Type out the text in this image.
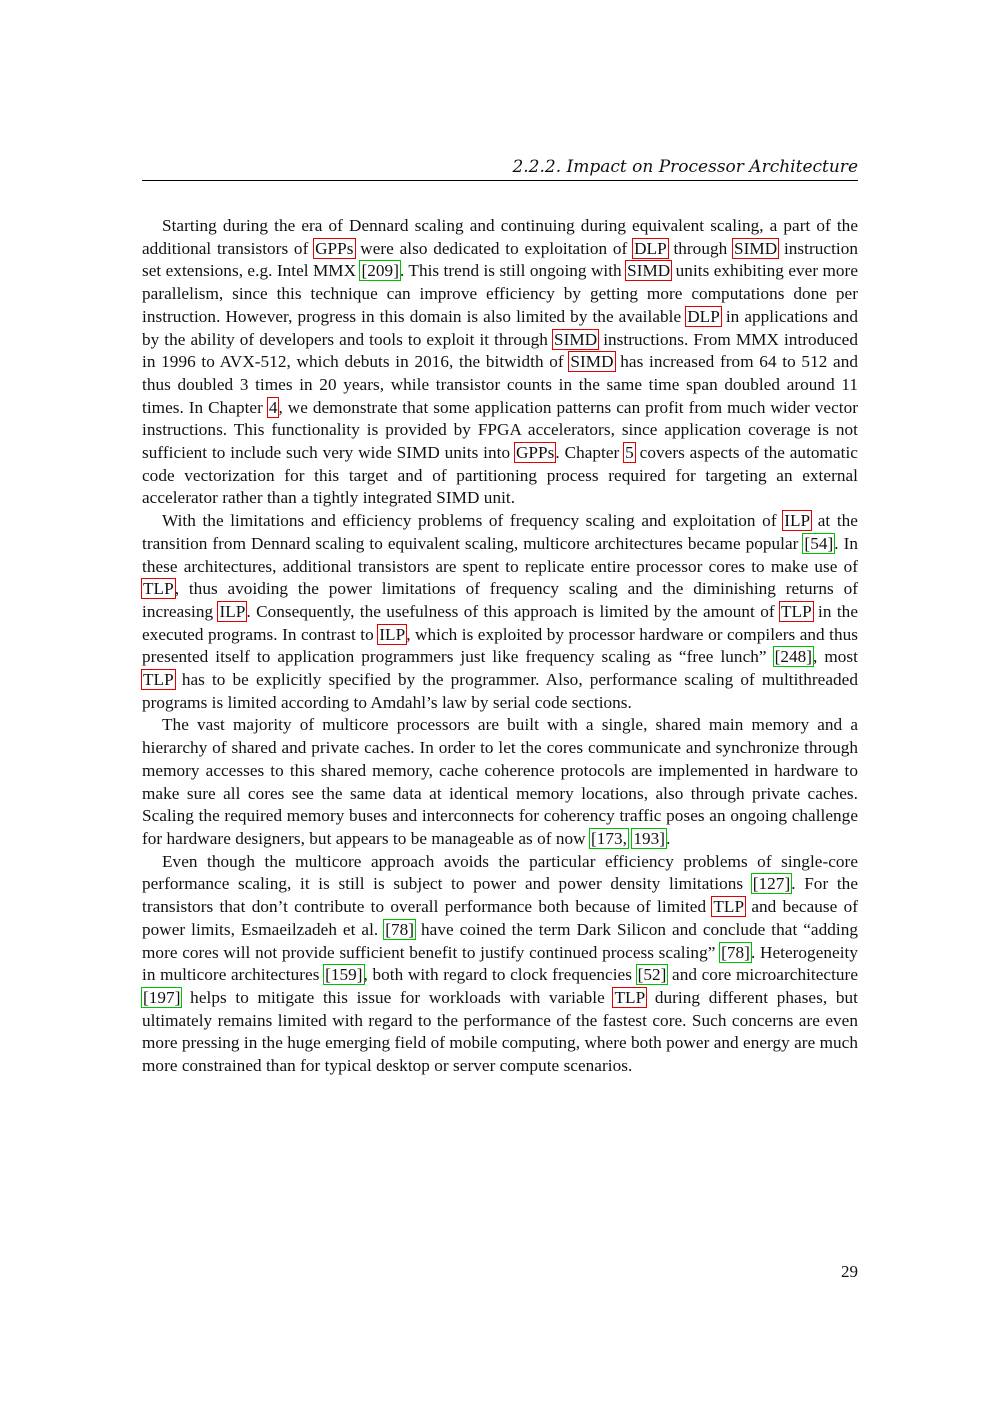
2.2.2. Impact on Processor Architecture

Starting during the era of Dennard scaling and continuing during equivalent scaling, a part of the additional transistors of GPPs were also dedicated to exploitation of DLP through SIMD instruction set extensions, e.g. Intel MMX [209]. This trend is still ongoing with SIMD units exhibiting ever more parallelism, since this technique can improve efficiency by getting more computations done per instruction. However, progress in this domain is also limited by the available DLP in applications and by the ability of developers and tools to exploit it through SIMD instructions. From MMX introduced in 1996 to AVX-512, which debuts in 2016, the bitwidth of SIMD has increased from 64 to 512 and thus doubled 3 times in 20 years, while transistor counts in the same time span doubled around 11 times. In Chapter 4, we demonstrate that some application patterns can profit from much wider vector instructions. This functionality is provided by FPGA accelerators, since application coverage is not sufficient to include such very wide SIMD units into GPPs. Chapter 5 covers aspects of the automatic code vectorization for this target and of partitioning process required for targeting an external accelerator rather than a tightly integrated SIMD unit.

With the limitations and efficiency problems of frequency scaling and exploitation of ILP at the transition from Dennard scaling to equivalent scaling, multicore architectures became popular [54]. In these architectures, additional transistors are spent to replicate entire processor cores to make use of TLP, thus avoiding the power limitations of frequency scaling and the diminishing returns of increasing ILP. Consequently, the usefulness of this approach is limited by the amount of TLP in the executed programs. In contrast to ILP, which is exploited by processor hardware or compilers and thus presented itself to application programmers just like frequency scaling as “free lunch” [248], most TLP has to be explicitly specified by the programmer. Also, performance scaling of multithreaded programs is limited according to Amdahl’s law by serial code sections.

The vast majority of multicore processors are built with a single, shared main memory and a hierarchy of shared and private caches. In order to let the cores communicate and synchronize through memory accesses to this shared memory, cache coherence protocols are implemented in hardware to make sure all cores see the same data at identical memory locations, also through private caches. Scaling the required memory buses and interconnects for coherency traffic poses an ongoing challenge for hardware designers, but appears to be manageable as of now [173, 193].

Even though the multicore approach avoids the particular efficiency problems of single-core performance scaling, it is still is subject to power and power density limitations [127]. For the transistors that don’t contribute to overall performance both because of limited TLP and because of power limits, Esmaeilzadeh et al. [78] have coined the term Dark Silicon and conclude that “adding more cores will not provide sufficient benefit to justify continued process scaling” [78]. Heterogeneity in multicore architectures [159], both with regard to clock frequencies [52] and core microarchitecture [197] helps to mitigate this issue for workloads with variable TLP during different phases, but ultimately remains limited with regard to the performance of the fastest core. Such concerns are even more pressing in the huge emerging field of mobile computing, where both power and energy are much more constrained than for typical desktop or server compute scenarios.

29
